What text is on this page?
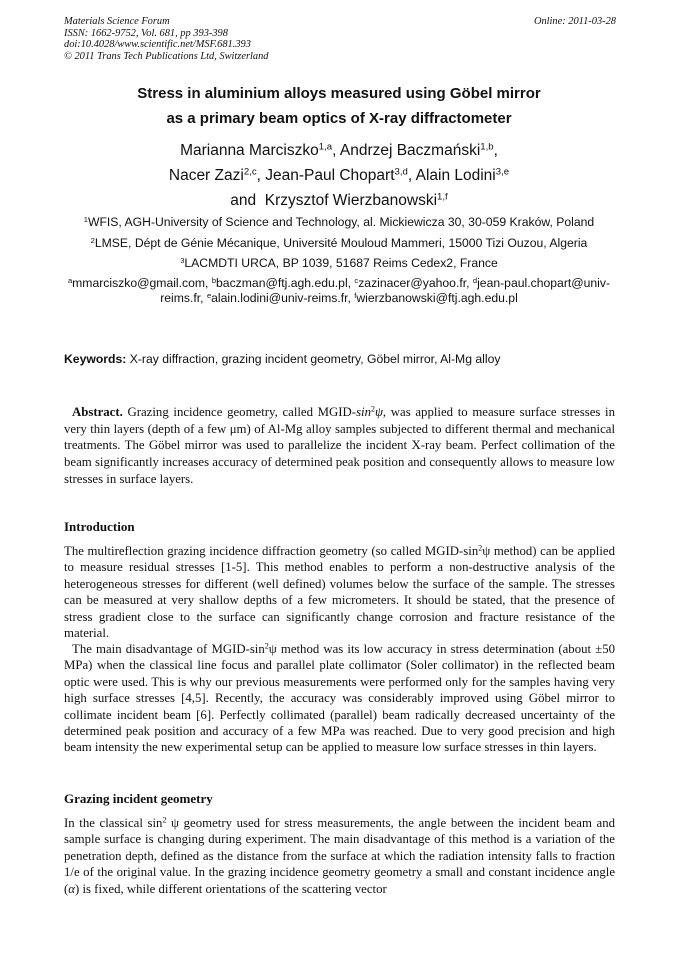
Materials Science Forum
ISSN: 1662-9752, Vol. 681, pp 393-398
doi:10.4028/www.scientific.net/MSF.681.393
© 2011 Trans Tech Publications Ltd, Switzerland
Online: 2011-03-28
Stress in aluminium alloys measured using Göbel mirror
as a primary beam optics of X-ray diffractometer
Marianna Marciszko$^{1,a}$, Andrzej Baczmański$^{1,b}$,
Nacer Zazi$^{2,c}$, Jean-Paul Chopart$^{3,d}$, Alain Lodini$^{3,e}$
and  Krzysztof Wierzbanowski$^{1,f}$
$^1$WFIS, AGH-University of Science and Technology, al. Mickiewicza 30, 30-059 Kraków, Poland
$^2$LMSE, Dépt de Génie Mécanique, Université Mouloud Mammeri, 15000 Tizi Ouzou, Algeria
$^3$LACMDTI URCA, BP 1039, 51687 Reims Cedex2, France
$^a$mmarciszko@gmail.com, $^b$baczman@ftj.agh.edu.pl, $^c$zazinacer@yahoo.fr, $^d$jean-paul.chopart@univ-reims.fr, $^e$alain.lodini@univ-reims.fr, $^f$wierzbanowski@ftj.agh.edu.pl
Keywords: X-ray diffraction, grazing incident geometry, Göbel mirror, Al-Mg alloy

Abstract. Grazing incidence geometry, called MGID-$\sin^2\psi$, was applied to measure surface stresses in very thin layers (depth of a few μm) of Al-Mg alloy samples subjected to different thermal and mechanical treatments. The Göbel mirror was used to parallelize the incident X-ray beam. Perfect collimation of the beam significantly increases accuracy of determined peak position and consequently allows to measure low stresses in surface layers.

Introduction

The multireflection grazing incidence diffraction geometry (so called MGID-$\sin^2\psi$ method) can be applied to measure residual stresses [1-5]. This method enables to perform a non-destructive analysis of the heterogeneous stresses for different (well defined) volumes below the surface of the sample. The stresses can be measured at very shallow depths of a few micrometers. It should be stated, that the presence of stress gradient close to the surface can significantly change corrosion and fracture resistance of the material.

The main disadvantage of MGID-$\sin^2\psi$ method was its low accuracy in stress determination (about ±50 MPa) when the classical line focus and parallel plate collimator (Soler collimator) in the reflected beam optic were used. This is why our previous measurements were performed only for the samples having very high surface stresses [4,5]. Recently, the accuracy was considerably improved using Göbel mirror to collimate incident beam [6]. Perfectly collimated (parallel) beam radically decreased uncertainty of the determined peak position and accuracy of a few MPa was reached. Due to very good precision and high beam intensity the new experimental setup can be applied to measure low surface stresses in thin layers.

Grazing incident geometry

In the classical $\sin^2 \psi$ geometry used for stress measurements, the angle between the incident beam and sample surface is changing during experiment. The main disadvantage of this method is a variation of the penetration depth, defined as the distance from the surface at which the radiation intensity falls to fraction 1/e of the original value. In the grazing incidence geometry geometry a small and constant incidence angle (α) is fixed, while different orientations of the scattering vector
